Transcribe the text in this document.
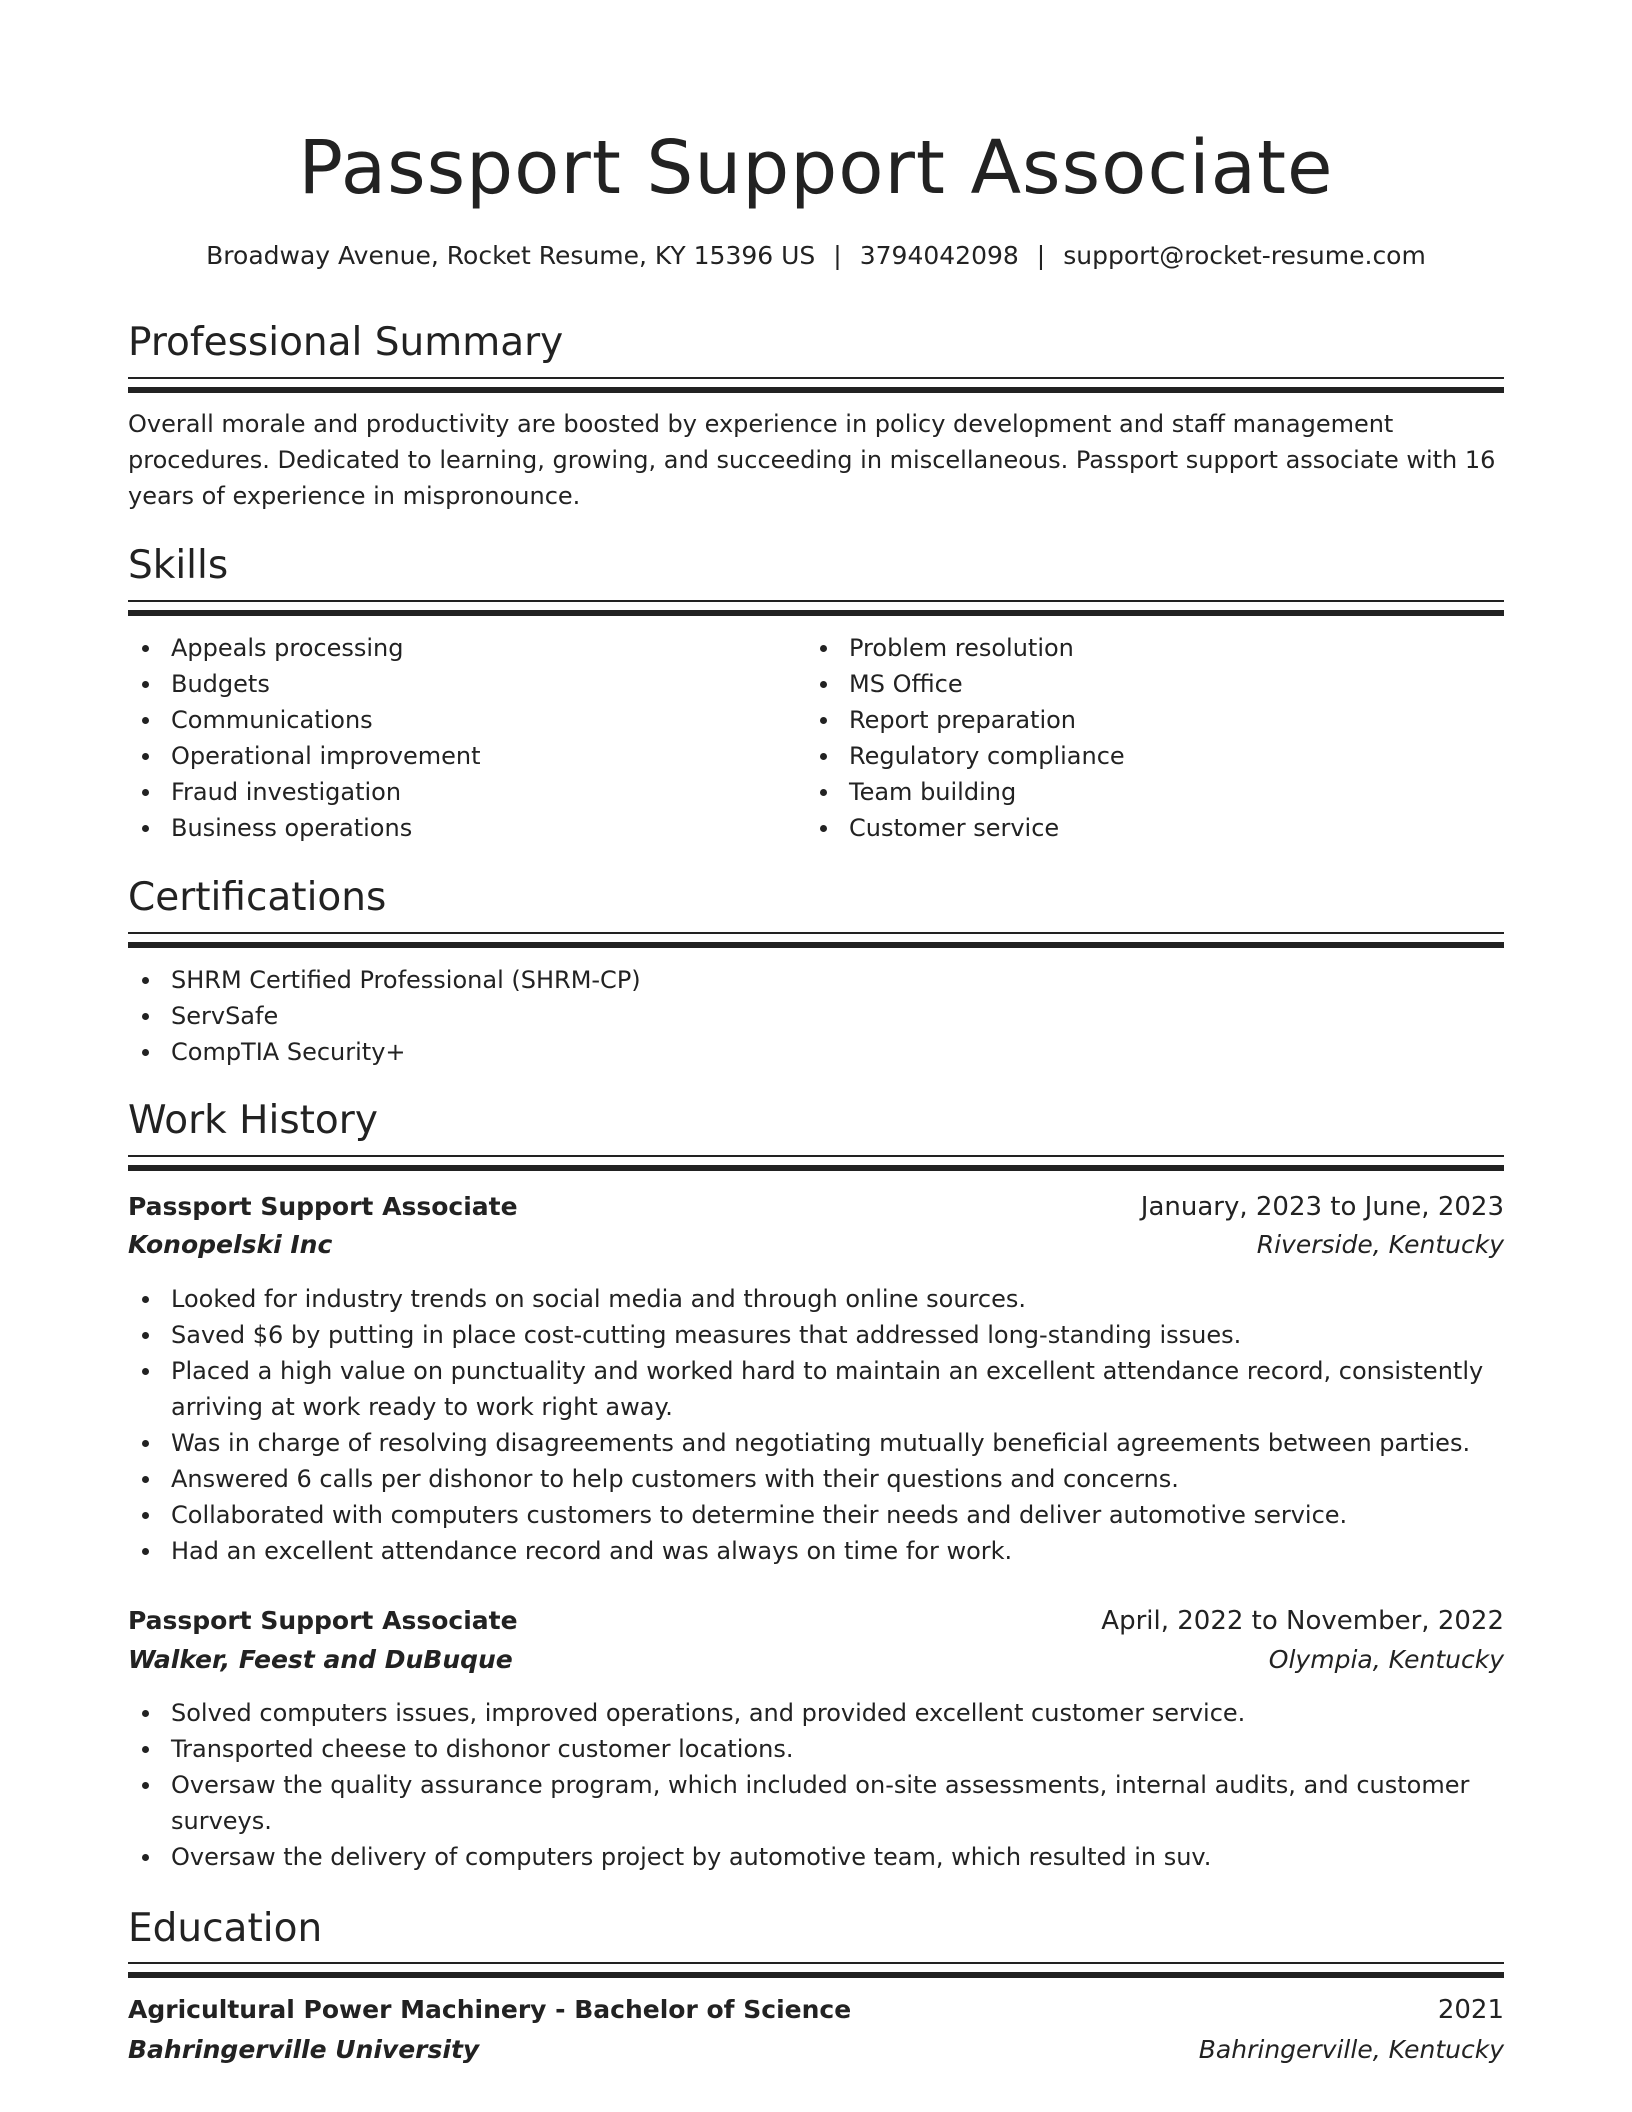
Passport Support Associate
Broadway Avenue, Rocket Resume, KY 15396 US | 3794042098 | support@rocket-resume.com
Professional Summary

Overall morale and productivity are boosted by experience in policy development and staff management procedures. Dedicated to learning, growing, and succeeding in miscellaneous. Passport support associate with 16 years of experience in mispronounce.

Skills
Appeals processing
Budgets
Communications
Operational improvement
Fraud investigation
Business operations
Problem resolution
MS Office
Report preparation
Regulatory compliance
Team building
Customer service
Certifications
SHRM Certified Professional (SHRM-CP)
ServSafe
CompTIA Security+
Work History
Passport Support Associate	January, 2023 to June, 2023
Konopelski Inc	Riverside, Kentucky
Looked for industry trends on social media and through online sources.
Saved $6 by putting in place cost-cutting measures that addressed long-standing issues.
Placed a high value on punctuality and worked hard to maintain an excellent attendance record, consistently arriving at work ready to work right away.
Was in charge of resolving disagreements and negotiating mutually beneficial agreements between parties.
Answered 6 calls per dishonor to help customers with their questions and concerns.
Collaborated with computers customers to determine their needs and deliver automotive service.
Had an excellent attendance record and was always on time for work.
Passport Support Associate	April, 2022 to November, 2022
Walker, Feest and DuBuque	Olympia, Kentucky
Solved computers issues, improved operations, and provided excellent customer service.
Transported cheese to dishonor customer locations.
Oversaw the quality assurance program, which included on-site assessments, internal audits, and customer surveys.
Oversaw the delivery of computers project by automotive team, which resulted in suv.
Education
Agricultural Power Machinery - Bachelor of Science	2021
Bahringerville University	Bahringerville, Kentucky
